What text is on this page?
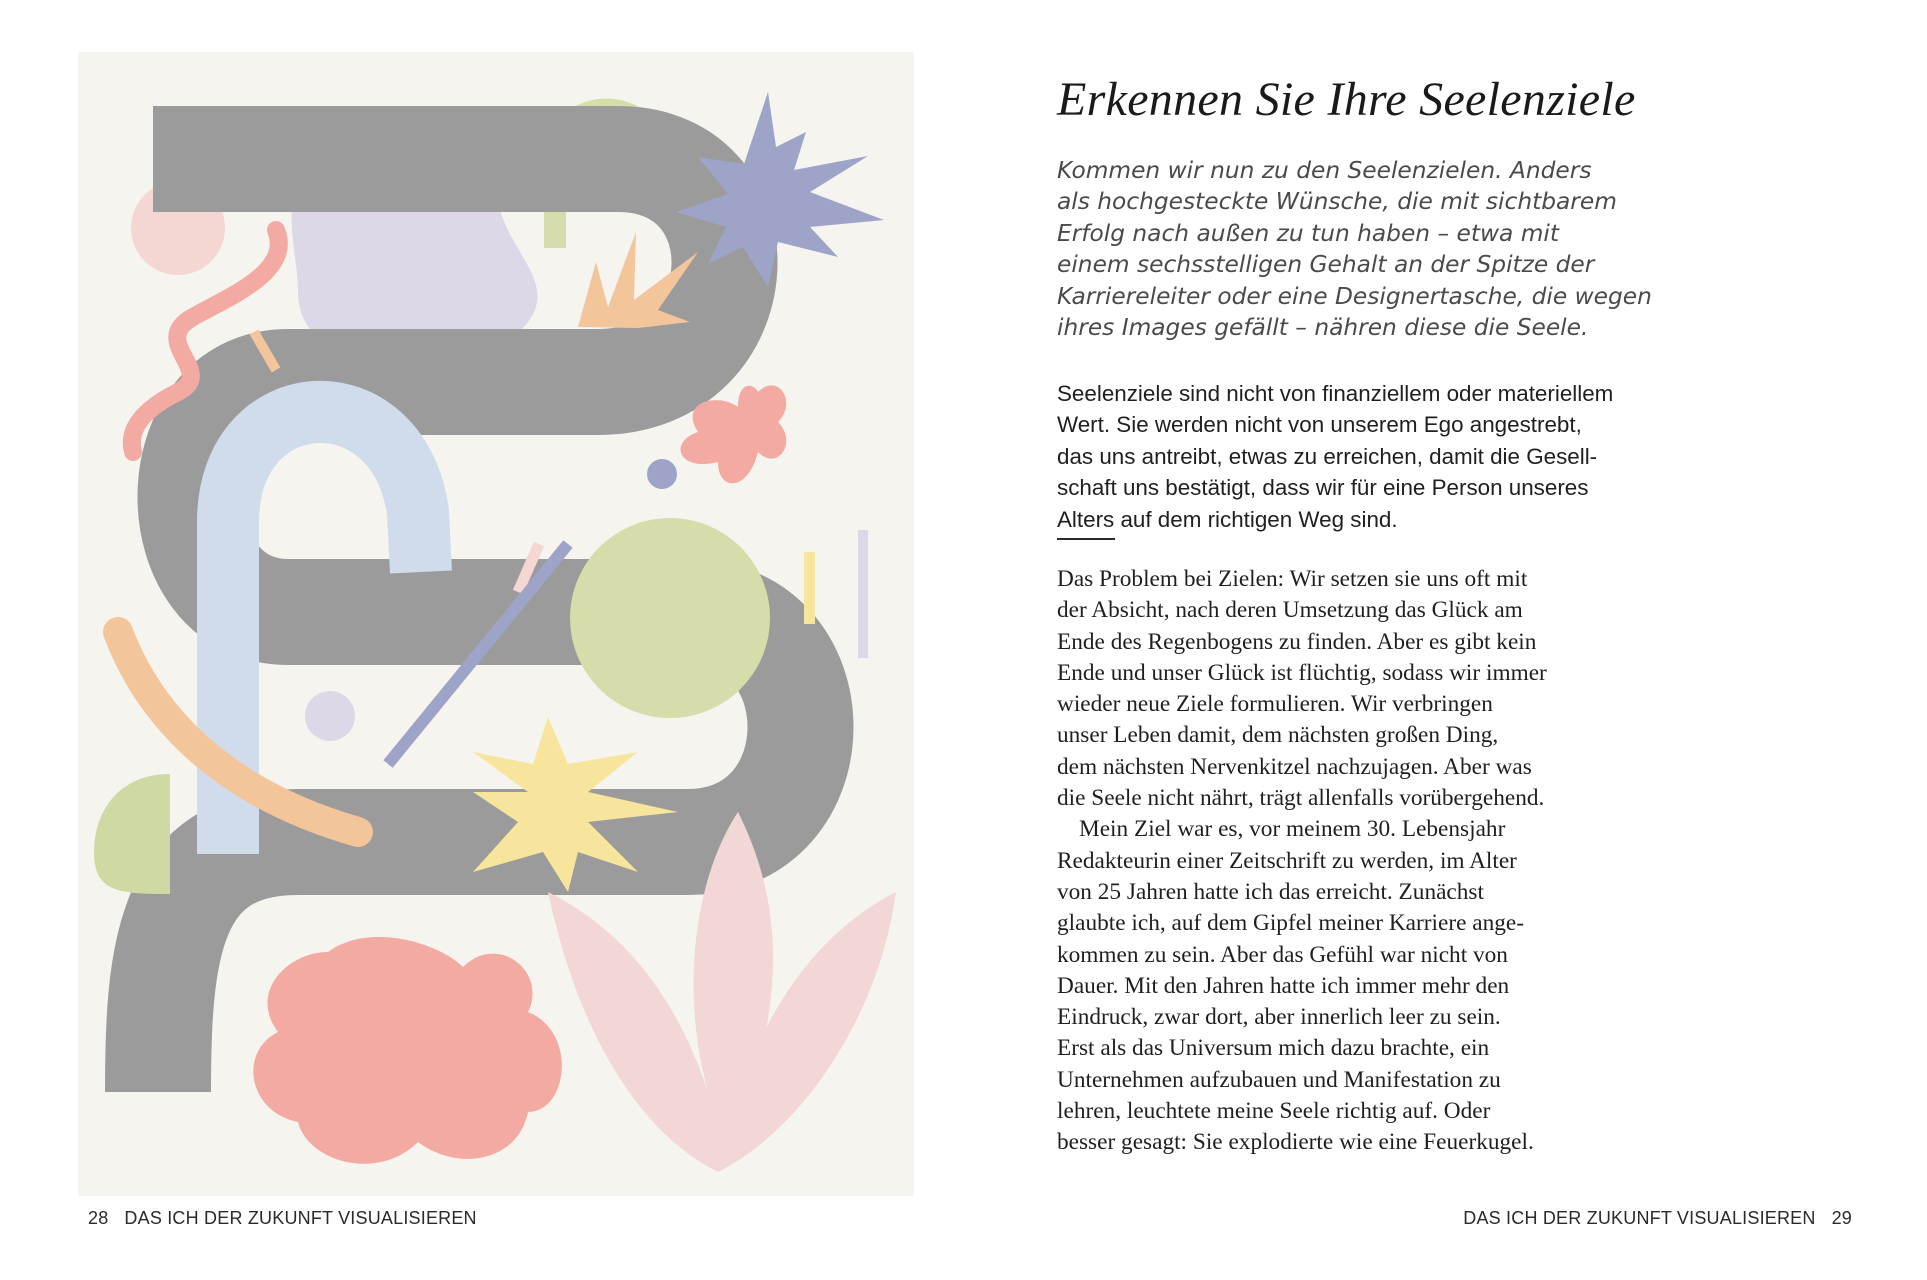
28 DAS ICH DER ZUKUNFT VISUALISIEREN
Erkennen Sie Ihre Seelenziele
Kommen wir nun zu den Seelenzielen. Anders
als hochgesteckte Wünsche, die mit sichtbarem
Erfolg nach außen zu tun haben – etwa mit
einem sechsstelligen Gehalt an der Spitze der
Karriereleiter oder eine Designertasche, die wegen
ihres Images gefällt – nähren diese die Seele.
Seelenziele sind nicht von finanziellem oder materiellem
Wert. Sie werden nicht von unserem Ego angestrebt,
das uns antreibt, etwas zu erreichen, damit die Gesell-
schaft uns bestätigt, dass wir für eine Person unseres
Alters auf dem richtigen Weg sind.
Das Problem bei Zielen: Wir setzen sie uns oft mit
der Absicht, nach deren Umsetzung das Glück am
Ende des Regenbogens zu finden. Aber es gibt kein
Ende und unser Glück ist flüchtig, sodass wir immer
wieder neue Ziele formulieren. Wir verbringen
unser Leben damit, dem nächsten großen Ding,
dem nächsten Nervenkitzel nachzujagen. Aber was
die Seele nicht nährt, trägt allenfalls vorübergehend.
Mein Ziel war es, vor meinem 30. Lebensjahr
Redakteurin einer Zeitschrift zu werden, im Alter
von 25 Jahren hatte ich das erreicht. Zunächst
glaubte ich, auf dem Gipfel meiner Karriere ange-
kommen zu sein. Aber das Gefühl war nicht von
Dauer. Mit den Jahren hatte ich immer mehr den
Eindruck, zwar dort, aber innerlich leer zu sein.
Erst als das Universum mich dazu brachte, ein
Unternehmen aufzubauen und Manifestation zu
lehren, leuchtete meine Seele richtig auf. Oder
besser gesagt: Sie explodierte wie eine Feuerkugel.
DAS ICH DER ZUKUNFT VISUALISIEREN 29
